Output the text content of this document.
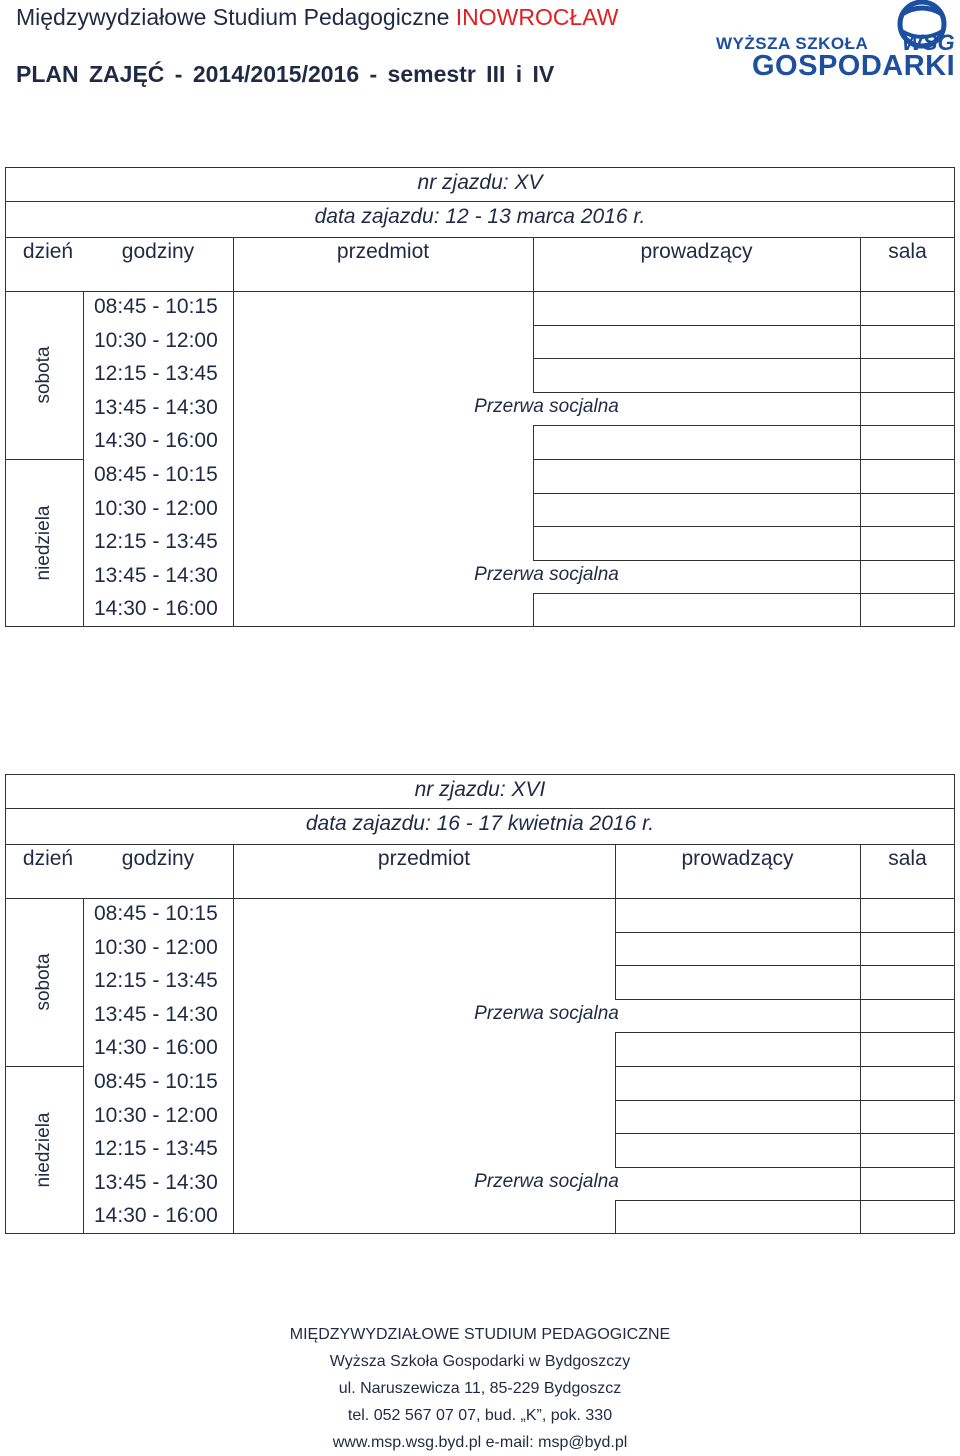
Międzywydziałowe Studium Pedagogiczne INOWROCŁAW
PLAN ZAJĘĆ - 2014/2015/2016 - semestr III i IV
WSG
WYŻSZA SZKOŁA
GOSPODARKI
nr zjazdu: XV
data zajazdu: 12 - 13 marca 2016 r.
dzień godziny	przedmiot	prowadzący	sala
sobota
08:45 - 10:15
10:30 - 12:00
12:15 - 13:45
13:45 - 14:30	Przerwa socjalna
14:30 - 16:00
niedziela
08:45 - 10:15
10:30 - 12:00
12:15 - 13:45
13:45 - 14:30	Przerwa socjalna
14:30 - 16:00
nr zjazdu: XVI
data zajazdu: 16 - 17 kwietnia 2016 r.
dzień godziny	przedmiot	prowadzący	sala
sobota
08:45 - 10:15
10:30 - 12:00
12:15 - 13:45
13:45 - 14:30	Przerwa socjalna
14:30 - 16:00
niedziela
08:45 - 10:15
10:30 - 12:00
12:15 - 13:45
13:45 - 14:30	Przerwa socjalna
14:30 - 16:00
MIĘDZYWYDZIAŁOWE STUDIUM PEDAGOGICZNE
Wyższa Szkoła Gospodarki w Bydgoszczy
ul. Naruszewicza 11, 85-229 Bydgoszcz
tel. 052 567 07 07, bud. „K”, pok. 330
www.msp.wsg.byd.pl e-mail: msp@byd.pl
